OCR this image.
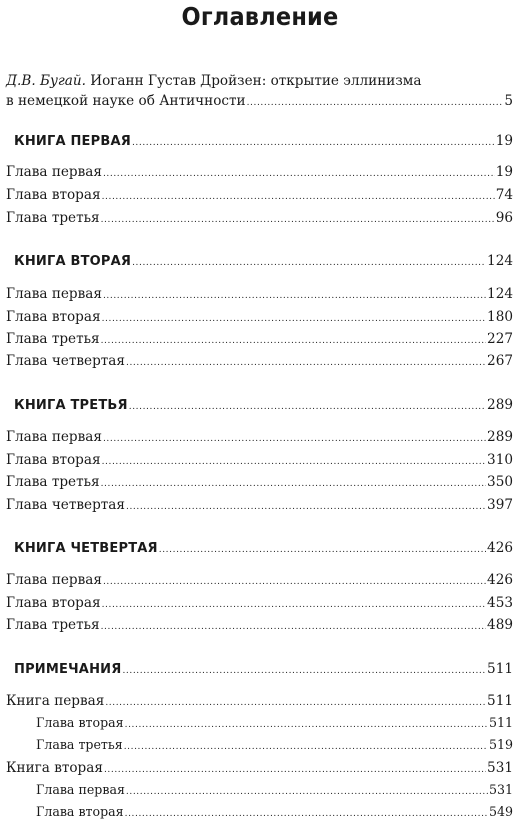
Оглавление
Д.В. Бугай. Иоганн Густав Дройзен: открытие эллинизма
в немецкой науке об Античности .....	5
КНИГА ПЕРВАЯ .....	19
Глава первая .....	19
Глава вторая .....	74
Глава третья .....	96
КНИГА ВТОРАЯ .....	124
Глава первая .....	124
Глава вторая .....	180
Глава третья .....	227
Глава четвертая .....	267
КНИГА ТРЕТЬЯ .....	289
Глава первая .....	289
Глава вторая .....	310
Глава третья .....	350
Глава четвертая .....	397
КНИГА ЧЕТВЕРТАЯ .....	426
Глава первая .....	426
Глава вторая .....	453
Глава третья .....	489
ПРИМЕЧАНИЯ .....	511
Книга первая .....	511
Глава вторая .....	511
Глава третья .....	519
Книга вторая .....	531
Глава первая .....	531
Глава вторая .....	549
